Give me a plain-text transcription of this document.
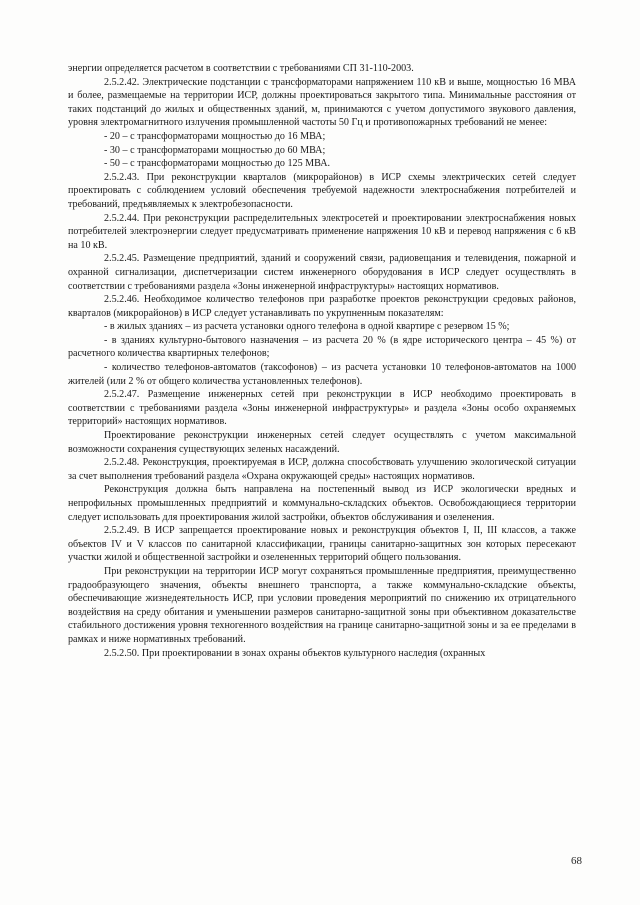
энергии определяется расчетом в соответствии с требованиями СП 31-110-2003.

2.5.2.42. Электрические подстанции с трансформаторами напряжением 110 кВ и выше, мощностью 16 МВА и более, размещаемые на территории ИСР, должны проектироваться закрытого типа. Минимальные расстояния от таких подстанций до жилых и общественных зданий, м, принимаются с учетом допустимого звукового давления, уровня электромагнитного излучения промышленной частоты 50 Гц и противопожарных требований не менее:

- 20 – с трансформаторами мощностью до 16 МВА;

- 30 – с трансформаторами мощностью до 60 МВА;

- 50 – с трансформаторами мощностью до 125 МВА.

2.5.2.43. При реконструкции кварталов (микрорайонов) в ИСР схемы электрических сетей следует проектировать с соблюдением условий обеспечения требуемой надежности электроснабжения потребителей и требований, предъявляемых к электробезопасности.

2.5.2.44. При реконструкции распределительных электросетей и проектировании электроснабжения новых потребителей электроэнергии следует предусматривать применение напряжения 10 кВ и перевод напряжения с 6 кВ на 10 кВ.

2.5.2.45. Размещение предприятий, зданий и сооружений связи, радиовещания и телевидения, пожарной и охранной сигнализации, диспетчеризации систем инженерного оборудования в ИСР следует осуществлять в соответствии с требованиями раздела «Зоны инженерной инфраструктуры» настоящих нормативов.

2.5.2.46. Необходимое количество телефонов при разработке проектов реконструкции средовых районов, кварталов (микрорайонов) в ИСР следует устанавливать по укрупненным показателям:

- в жилых зданиях – из расчета установки одного телефона в одной квартире с резервом 15 %;

- в зданиях культурно-бытового назначения – из расчета 20 % (в ядре исторического центра – 45 %) от расчетного количества квартирных телефонов;

- количество телефонов-автоматов (таксофонов) – из расчета установки 10 телефонов-автоматов на 1000 жителей (или 2 % от общего количества установленных телефонов).

2.5.2.47. Размещение инженерных сетей при реконструкции в ИСР необходимо проектировать в соответствии с требованиями раздела «Зоны инженерной инфраструктуры» и раздела «Зоны особо охраняемых территорий» настоящих нормативов.

Проектирование реконструкции инженерных сетей следует осуществлять с учетом максимальной возможности сохранения существующих зеленых насаждений.

2.5.2.48. Реконструкция, проектируемая в ИСР, должна способствовать улучшению экологической ситуации за счет выполнения требований раздела «Охрана окружающей среды» настоящих нормативов.

Реконструкция должна быть направлена на постепенный вывод из ИСР экологически вредных и непрофильных промышленных предприятий и коммунально-складских объектов. Освобождающиеся территории следует использовать для проектирования жилой застройки, объектов обслуживания и озеленения.

2.5.2.49. В ИСР запрещается проектирование новых и реконструкция объектов I, II, III классов, а также объектов IV и V классов по санитарной классификации, границы санитарно-защитных зон которых пересекают участки жилой и общественной застройки и озелененных территорий общего пользования.

При реконструкции на территории ИСР могут сохраняться промышленные предприятия, преимущественно градообразующего значения, объекты внешнего транспорта, а также коммунально-складские объекты, обеспечивающие жизнедеятельность ИСР, при условии проведения мероприятий по снижению их отрицательного воздействия на среду обитания и уменьшении размеров санитарно-защитной зоны при объективном доказательстве стабильного достижения уровня техногенного воздействия на границе санитарно-защитной зоны и за ее пределами в рамках и ниже нормативных требований.

2.5.2.50. При проектировании в зонах охраны объектов культурного наследия (охранных

68
